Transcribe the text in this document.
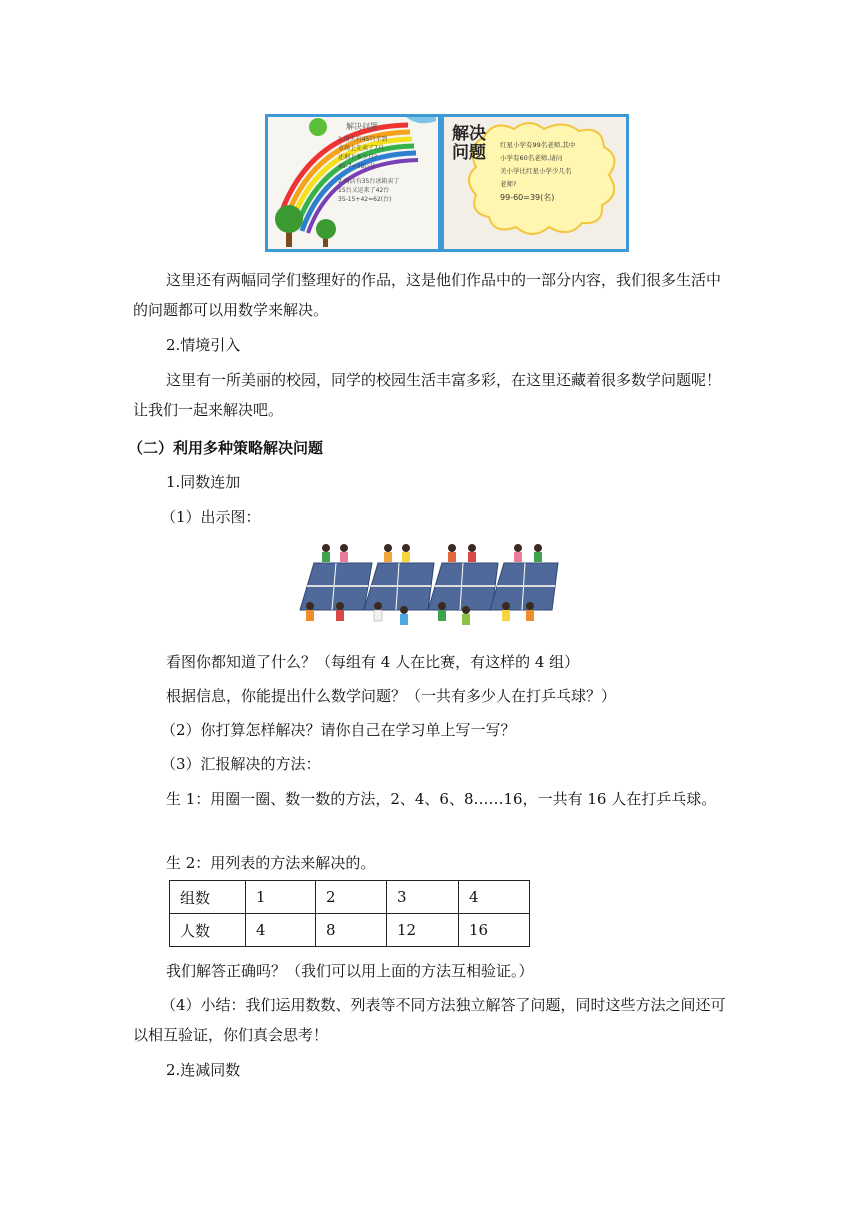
解决问题
1.屠夫有45只羊到
市场上先卖了7只
还剩下多少只?
45-7=38(只)
2.商店有35台冰箱卖了
15台又运来了42台
35-15+42=62(台)
解决问题	红星小学有99名老师,其中
小学有60名老师,请问
美小学比红星小学少几名
老师?
99-60=39(名)
这里还有两幅同学们整理好的作品，这是他们作品中的一部分内容，我们很多生活中的问题都可以用数学来解决。
2.情境引入
这里有一所美丽的校园，同学的校园生活丰富多彩，在这里还藏着很多数学问题呢！让我们一起来解决吧。
（二）利用多种策略解决问题
1.同数连加
（1）出示图：
看图你都知道了什么？（每组有 4 人在比赛，有这样的 4 组）
根据信息，你能提出什么数学问题？（一共有多少人在打乒乓球？）
（2）你打算怎样解决？请你自己在学习单上写一写？
（3）汇报解决的方法：
生 1：用圈一圈、数一数的方法，2、4、6、8……16，一共有 16 人在打乒乓球。
生 2：用列表的方法来解决的。
组数	1	2	3	4
人数	4	8	12	16
我们解答正确吗？（我们可以用上面的方法互相验证。）
（4）小结：我们运用数数、列表等不同方法独立解答了问题，同时这些方法之间还可以相互验证，你们真会思考！
2.连减同数
